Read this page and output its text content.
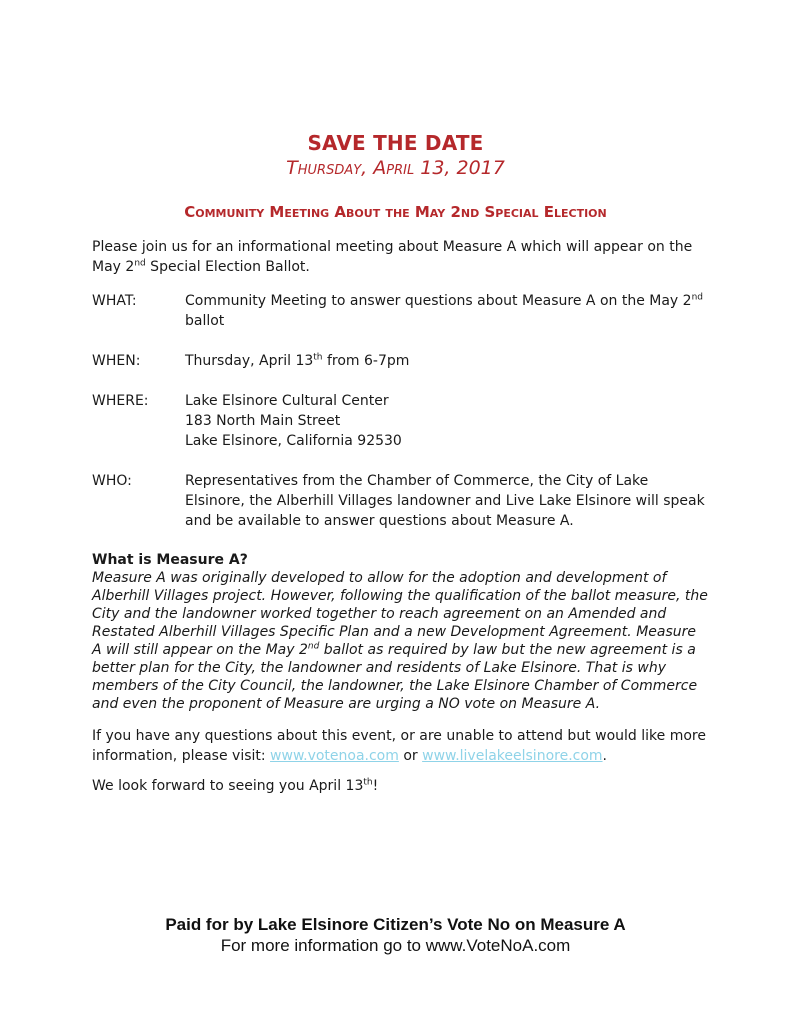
SAVE THE DATE
Thursday, April 13, 2017
Community Meeting About the May 2nd Special Election
Please join us for an informational meeting about Measure A which will appear on the
May 2nd Special Election Ballot.
WHAT:	Community Meeting to answer questions about Measure A on the May 2nd
ballot
WHEN:	Thursday, April 13th from 6-7pm
WHERE:	Lake Elsinore Cultural Center
183 North Main Street
Lake Elsinore, California 92530
WHO:	Representatives from the Chamber of Commerce, the City of Lake
Elsinore, the Alberhill Villages landowner and Live Lake Elsinore will speak
and be available to answer questions about Measure A.
What is Measure A?
Measure A was originally developed to allow for the adoption and development of
Alberhill Villages project. However, following the qualification of the ballot measure, the
City and the landowner worked together to reach agreement on an Amended and
Restated Alberhill Villages Specific Plan and a new Development Agreement. Measure
A will still appear on the May 2nd ballot as required by law but the new agreement is a
better plan for the City, the landowner and residents of Lake Elsinore. That is why
members of the City Council, the landowner, the Lake Elsinore Chamber of Commerce
and even the proponent of Measure are urging a NO vote on Measure A.
If you have any questions about this event, or are unable to attend but would like more
information, please visit: www.votenoa.com or www.livelakeelsinore.com.
We look forward to seeing you April 13th!
Paid for by Lake Elsinore Citizen’s Vote No on Measure A
For more information go to www.VoteNoA.com
